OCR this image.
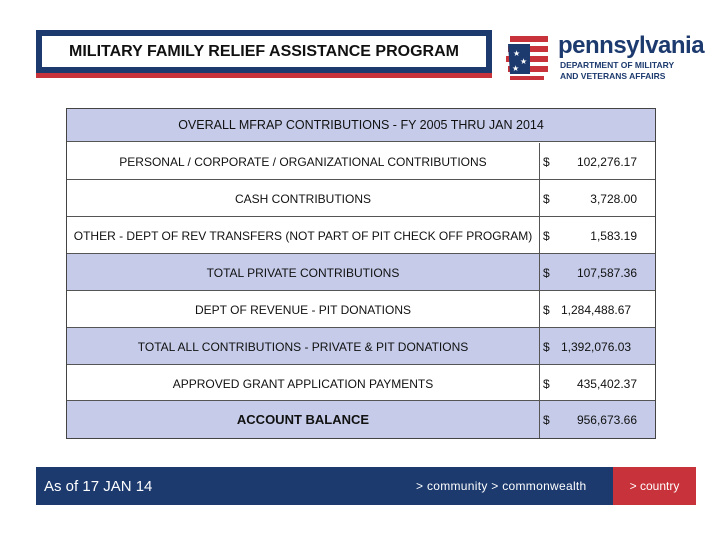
MILITARY FAMILY RELIEF ASSISTANCE PROGRAM	★
★
★
pennsylvania
DEPARTMENT OF MILITARY
AND VETERANS AFFAIRS
OVERALL MFRAP CONTRIBUTIONS - FY 2005 THRU JAN 2014
PERSONAL / CORPORATE / ORGANIZATIONAL CONTRIBUTIONS	$ 102,276.17
CASH CONTRIBUTIONS	$	3,728.00
OTHER - DEPT OF REV TRANSFERS (NOT PART OF PIT CHECK OFF PROGRAM) $	1,583.19
TOTAL PRIVATE CONTRIBUTIONS	$ 107,587.36
DEPT OF REVENUE - PIT DONATIONS	$ 1,284,488.67
TOTAL ALL CONTRIBUTIONS - PRIVATE & PIT DONATIONS	$ 1,392,076.03
APPROVED GRANT APPLICATION PAYMENTS	$ 435,402.37
ACCOUNT BALANCE	$ 956,673.66
As of 17 JAN 14	> community > commonwealth	> country
